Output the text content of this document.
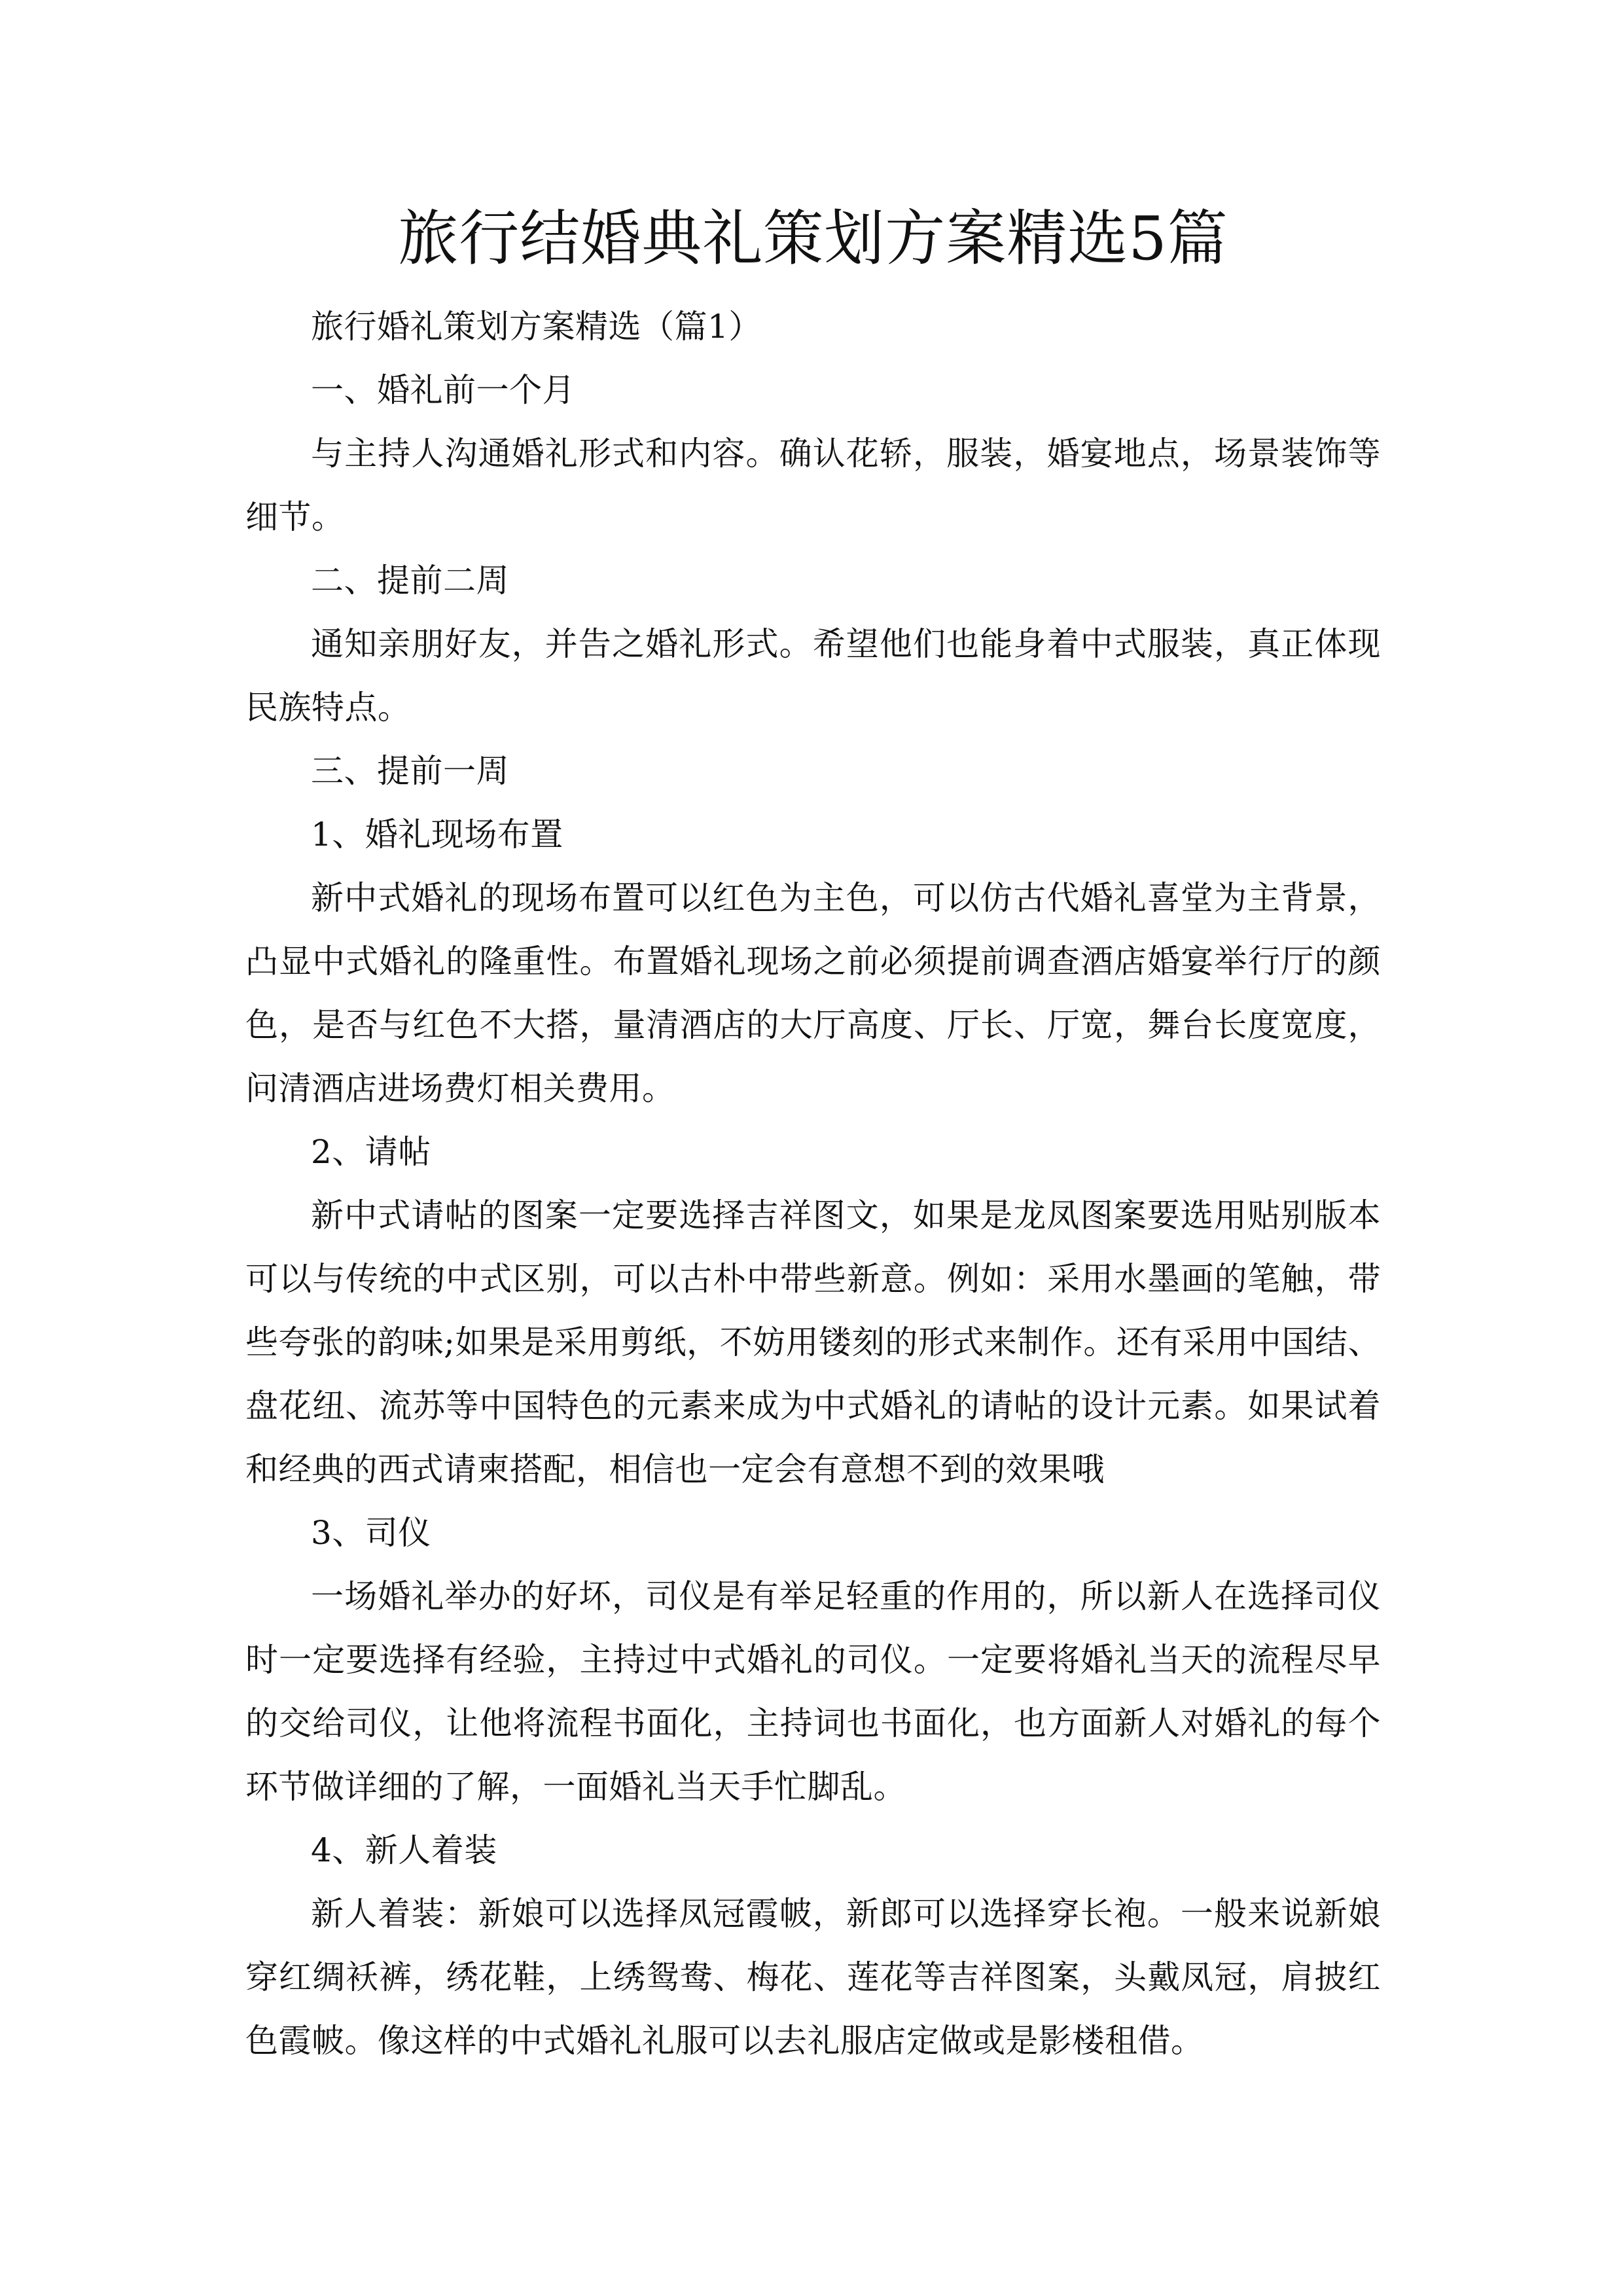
旅行结婚典礼策划方案精选5篇

旅行婚礼策划方案精选（篇1）

一、婚礼前一个月

与主持人沟通婚礼形式和内容。确认花轿，服装，婚宴地点，场景装饰等细节。

二、提前二周

通知亲朋好友，并告之婚礼形式。希望他们也能身着中式服装，真正体现民族特点。

三、提前一周

1、婚礼现场布置

新中式婚礼的现场布置可以红色为主色，可以仿古代婚礼喜堂为主背景，凸显中式婚礼的隆重性。布置婚礼现场之前必须提前调查酒店婚宴举行厅的颜色，是否与红色不大搭，量清酒店的大厅高度、厅长、厅宽，舞台长度宽度，问清酒店进场费灯相关费用。

2、请帖

新中式请帖的图案一定要选择吉祥图文，如果是龙凤图案要选用贴别版本可以与传统的中式区别，可以古朴中带些新意。例如：采用水墨画的笔触，带些夸张的韵味;如果是采用剪纸，不妨用镂刻的形式来制作。还有采用中国结、盘花纽、流苏等中国特色的元素来成为中式婚礼的请帖的设计元素。如果试着和经典的西式请柬搭配，相信也一定会有意想不到的效果哦

3、司仪

一场婚礼举办的好坏，司仪是有举足轻重的作用的，所以新人在选择司仪时一定要选择有经验，主持过中式婚礼的司仪。一定要将婚礼当天的流程尽早的交给司仪，让他将流程书面化，主持词也书面化，也方面新人对婚礼的每个环节做详细的了解，一面婚礼当天手忙脚乱。

4、新人着装

新人着装：新娘可以选择凤冠霞帔，新郎可以选择穿长袍。一般来说新娘穿红绸袄裤，绣花鞋，上绣鸳鸯、梅花、莲花等吉祥图案，头戴凤冠，肩披红色霞帔。像这样的中式婚礼礼服可以去礼服店定做或是影楼租借。
